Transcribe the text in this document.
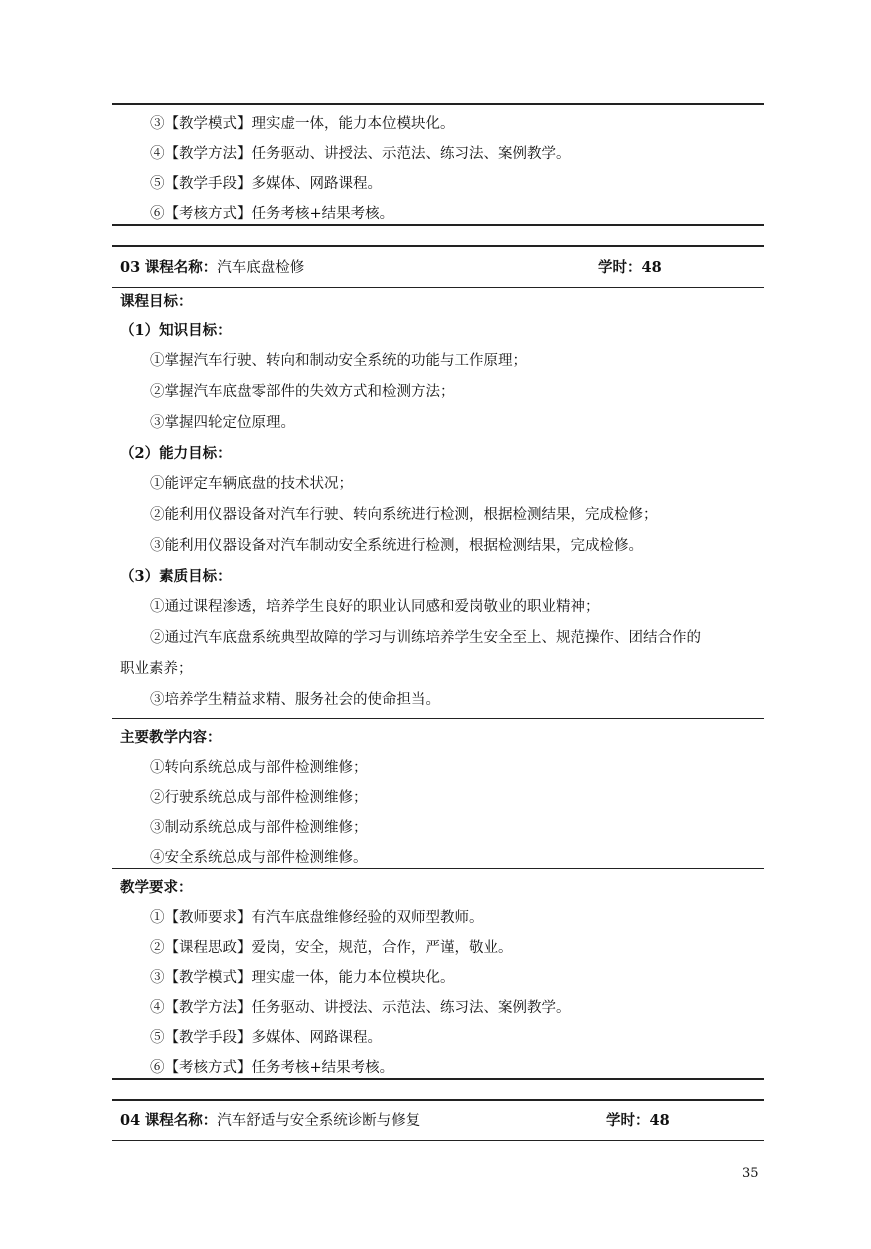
③【教学模式】理实虚一体，能力本位模块化。
④【教学方法】任务驱动、讲授法、示范法、练习法、案例教学。
⑤【教学手段】多媒体、网路课程。
⑥【考核方式】任务考核+结果考核。
03 课程名称：汽车底盘检修	学时：48
课程目标：
（1）知识目标：
①掌握汽车行驶、转向和制动安全系统的功能与工作原理；
②掌握汽车底盘零部件的失效方式和检测方法；
③掌握四轮定位原理。
（2）能力目标：
①能评定车辆底盘的技术状况；
②能利用仪器设备对汽车行驶、转向系统进行检测，根据检测结果，完成检修；
③能利用仪器设备对汽车制动安全系统进行检测，根据检测结果，完成检修。
（3）素质目标：
①通过课程渗透，培养学生良好的职业认同感和爱岗敬业的职业精神；
②通过汽车底盘系统典型故障的学习与训练培养学生安全至上、规范操作、团结合作的
职业素养；
③培养学生精益求精、服务社会的使命担当。
主要教学内容：
①转向系统总成与部件检测维修；
②行驶系统总成与部件检测维修；
③制动系统总成与部件检测维修；
④安全系统总成与部件检测维修。
教学要求：
①【教师要求】有汽车底盘维修经验的双师型教师。
②【课程思政】爱岗，安全，规范，合作，严谨，敬业。
③【教学模式】理实虚一体，能力本位模块化。
④【教学方法】任务驱动、讲授法、示范法、练习法、案例教学。
⑤【教学手段】多媒体、网路课程。
⑥【考核方式】任务考核+结果考核。
04 课程名称：汽车舒适与安全系统诊断与修复	学时：48
35
